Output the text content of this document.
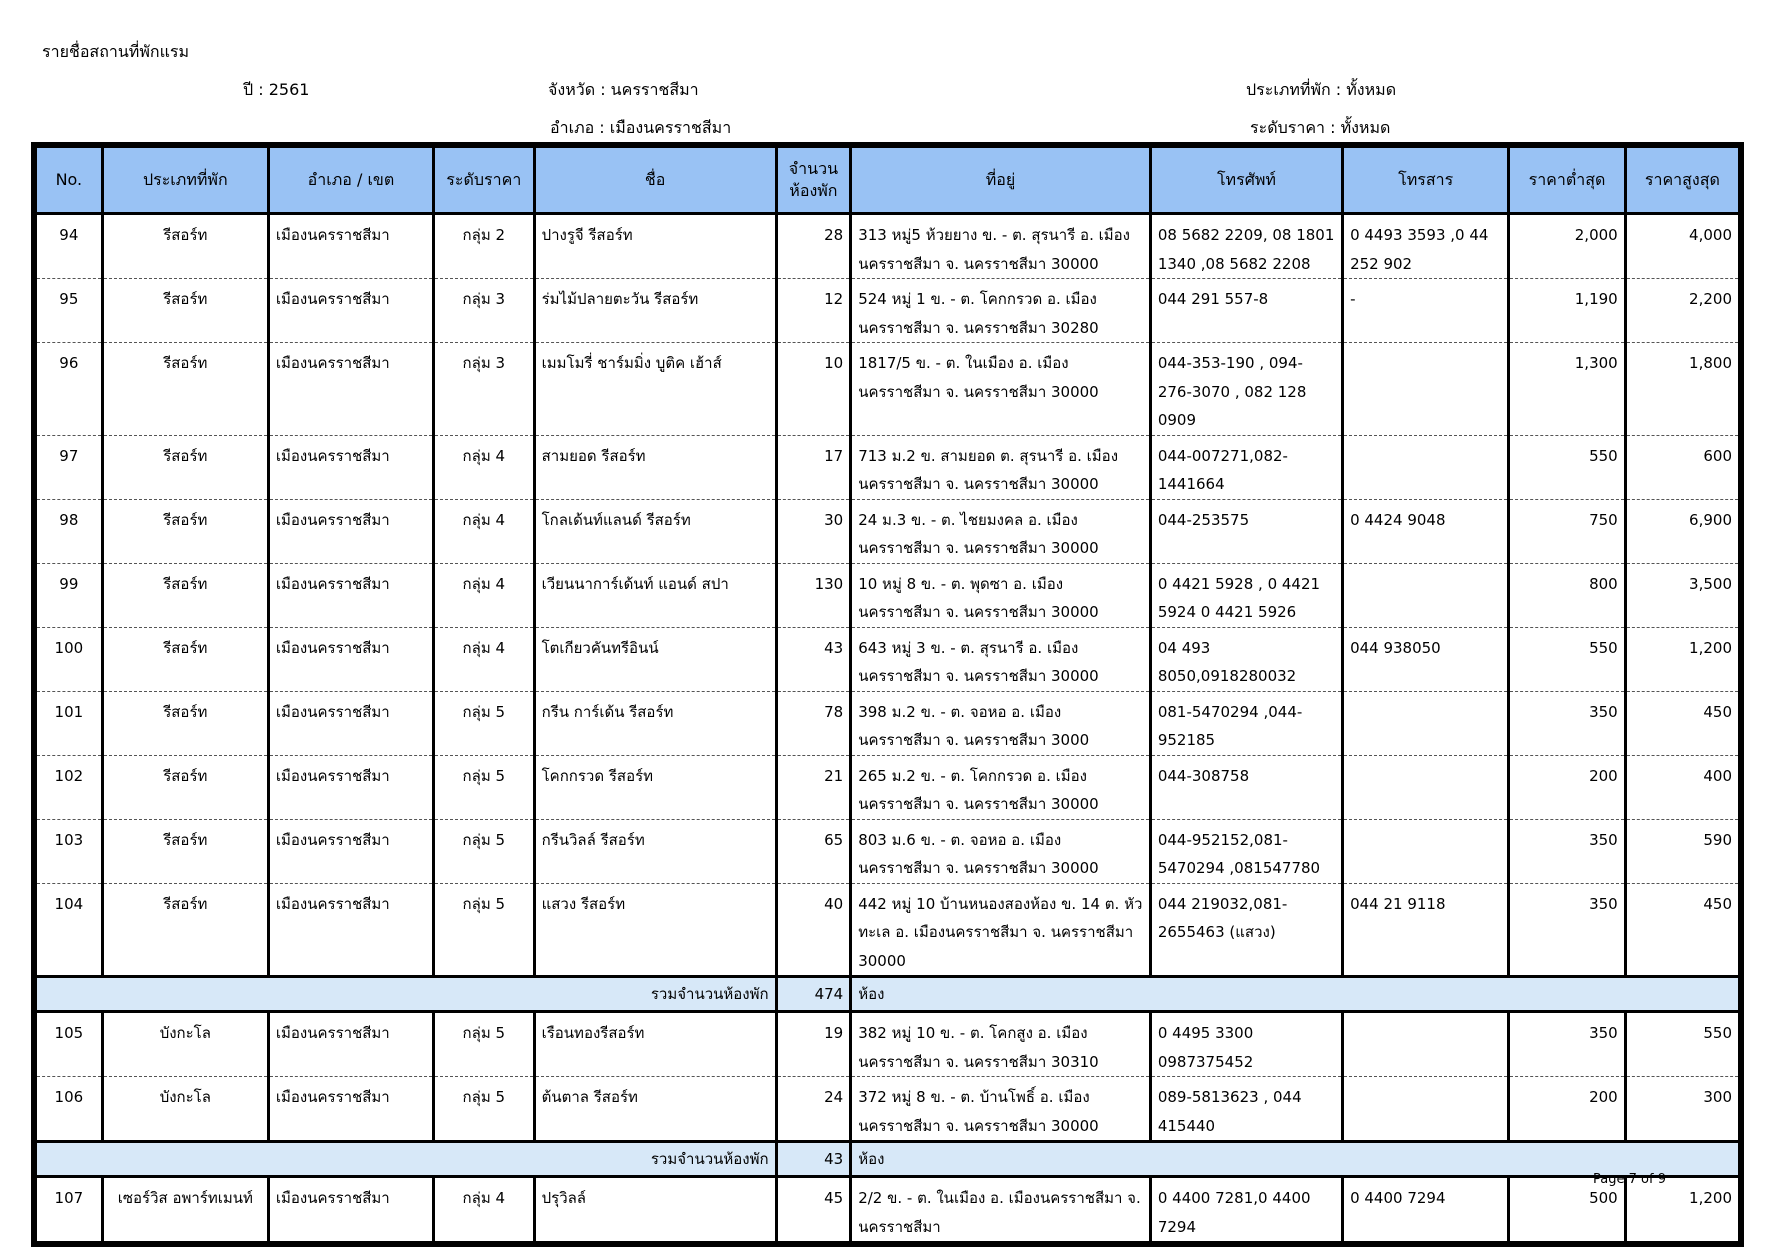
รายชื่อสถานที่พักแรม
ปี : 2561	จังหวัด : นครราชสีมา
อำเภอ : เมืองนครราชสีมา
ประเภทที่พัก : ทั้งหมด
ระดับราคา : ทั้งหมด
No.	ประเภทที่พัก	อำเภอ / เขต	ระดับราคา	ชื่อ	จำนวน ห้องพัก	ที่อยู่	โทรศัพท์	โทรสาร	ราคาต่ำสุด	ราคาสูงสุด
94	รีสอร์ท	เมืองนครราชสีมา	กลุ่ม 2	ปางรูจี รีสอร์ท	28	313 หมู่5 ห้วยยาง ข. - ต. สุรนารี อ. เมืองนครราชสีมา จ. นครราชสีมา 30000	08 5682 2209, 08 1801 1340 ,08 5682 2208	0 4493 3593 ,0 44 252 902	2,000	4,000
95	รีสอร์ท	เมืองนครราชสีมา	กลุ่ม 3	ร่มไม้ปลายตะวัน รีสอร์ท	12	524 หมู่ 1 ข. - ต. โคกกรวด อ. เมืองนครราชสีมา จ. นครราชสีมา 30280	044 291 557-8	-	1,190	2,200
96	รีสอร์ท	เมืองนครราชสีมา	กลุ่ม 3	เมมโมรี่ ชาร์มมิ่ง บูติค เฮ้าส์	10	1817/5 ข. - ต. ในเมือง อ. เมืองนครราชสีมา จ. นครราชสีมา 30000	044-353-190 , 094-276-3070 , 082 128 0909		1,300	1,800
97	รีสอร์ท	เมืองนครราชสีมา	กลุ่ม 4	สามยอด รีสอร์ท	17	713 ม.2 ข. สามยอด ต. สุรนารี อ. เมืองนครราชสีมา จ. นครราชสีมา 30000	044-007271,082-1441664		550	600
98	รีสอร์ท	เมืองนครราชสีมา	กลุ่ม 4	โกลเด้นท์แลนด์ รีสอร์ท	30	24 ม.3 ข. - ต. ไชยมงคล อ. เมืองนครราชสีมา จ. นครราชสีมา 30000	044-253575	0 4424 9048	750	6,900
99	รีสอร์ท	เมืองนครราชสีมา	กลุ่ม 4	เวียนนาการ์เด้นท์ แอนด์ สปา	130	10 หมู่ 8 ข. - ต. พุดซา อ. เมืองนครราชสีมา จ. นครราชสีมา 30000	0 4421 5928 , 0 4421 5924 0 4421 5926		800	3,500
100	รีสอร์ท	เมืองนครราชสีมา	กลุ่ม 4	โตเกียวคันทรีอินน์	43	643 หมู่ 3 ข. - ต. สุรนารี อ. เมืองนครราชสีมา จ. นครราชสีมา 30000	04 493 8050,0918280032	044 938050	550	1,200
101	รีสอร์ท	เมืองนครราชสีมา	กลุ่ม 5	กรีน การ์เด้น รีสอร์ท	78	398 ม.2 ข. - ต. จอหอ อ. เมืองนครราชสีมา จ. นครราชสีมา 3000	081-5470294 ,044-952185		350	450
102	รีสอร์ท	เมืองนครราชสีมา	กลุ่ม 5	โคกกรวด รีสอร์ท	21	265 ม.2 ข. - ต. โคกกรวด อ. เมืองนครราชสีมา จ. นครราชสีมา 30000	044-308758		200	400
103	รีสอร์ท	เมืองนครราชสีมา	กลุ่ม 5	กรีนวิลล์ รีสอร์ท	65	803 ม.6 ข. - ต. จอหอ อ. เมืองนครราชสีมา จ. นครราชสีมา 30000	044-952152,081-5470294 ,081547780		350	590
104	รีสอร์ท	เมืองนครราชสีมา	กลุ่ม 5	แสวง รีสอร์ท	40	442 หมู่ 10 บ้านหนองสองห้อง ข. 14 ต. หัวทะเล อ. เมืองนครราชสีมา จ. นครราชสีมา 30000	044 219032,081-2655463 (แสวง)	044 21 9118	350	450
รวมจำนวนห้องพัก					474	ห้อง				
105	บังกะโล	เมืองนครราชสีมา	กลุ่ม 5	เรือนทองรีสอร์ท	19	382 หมู่ 10 ข. - ต. โคกสูง อ. เมืองนครราชสีมา จ. นครราชสีมา 30310	0 4495 3300 0987375452		350	550
106	บังกะโล	เมืองนครราชสีมา	กลุ่ม 5	ต้นตาล รีสอร์ท	24	372 หมู่ 8 ข. - ต. บ้านโพธิ์ อ. เมืองนครราชสีมา จ. นครราชสีมา 30000	089-5813623 , 044 415440		200	300
รวมจำนวนห้องพัก					43	ห้อง				
107	เซอร์วิส อพาร์ทเมนท์	เมืองนครราชสีมา	กลุ่ม 4	ปรุวิลล์	45	2/2 ข. - ต. ในเมือง อ. เมืองนครราชสีมา จ. นครราชสีมา	0 4400 7281,0 4400 7294	0 4400 7294	500	1,200
Page 7 of 9
